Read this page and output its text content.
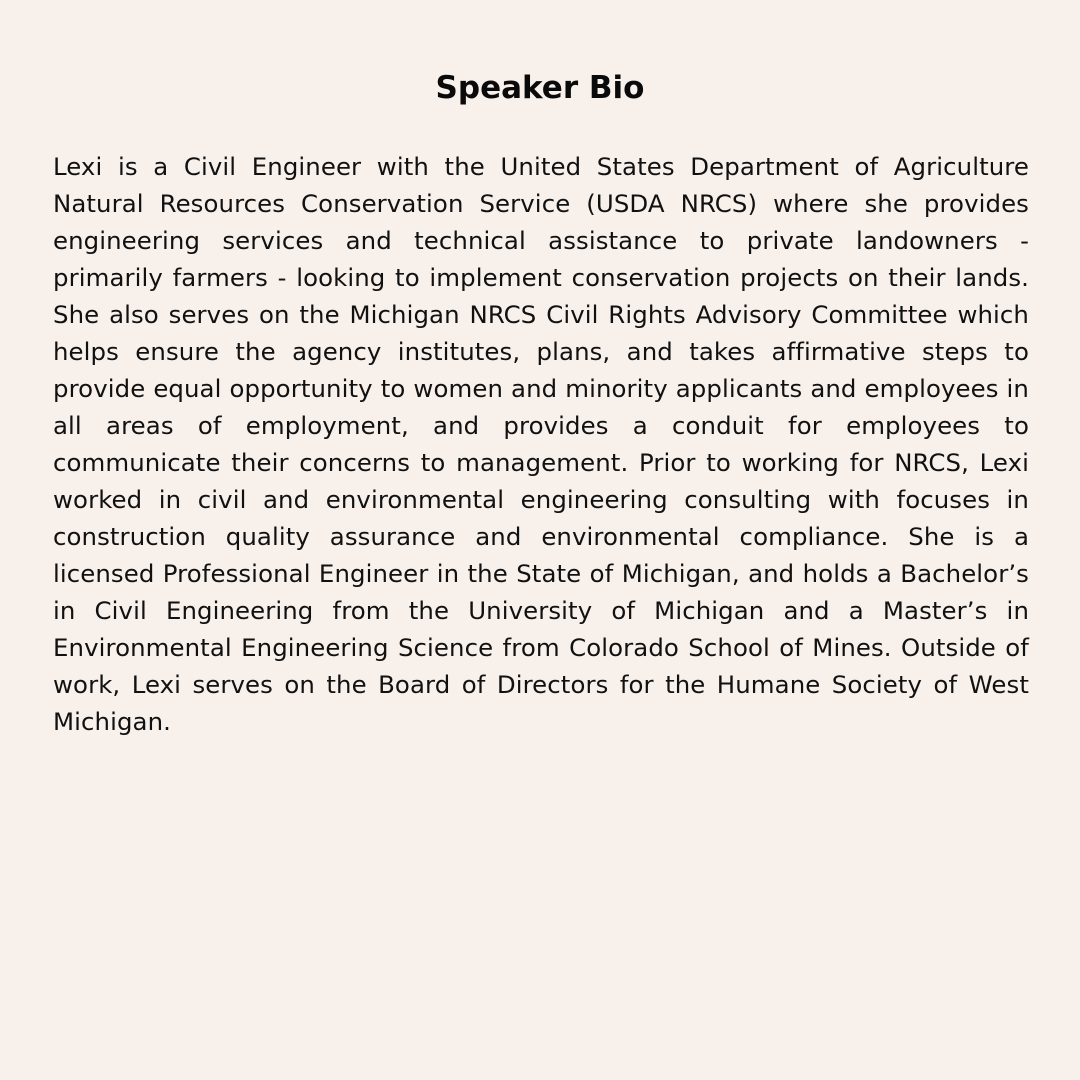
Speaker Bio

Lexi is a Civil Engineer with the United States Department of Agriculture Natural Resources Conservation Service (USDA NRCS) where she provides engineering services and technical assistance to private landowners - primarily farmers - looking to implement conservation projects on their lands. She also serves on the Michigan NRCS Civil Rights Advisory Committee which helps ensure the agency institutes, plans, and takes affirmative steps to provide equal opportunity to women and minority applicants and employees in all areas of employment, and provides a conduit for employees to communicate their concerns to management. Prior to working for NRCS, Lexi worked in civil and environmental engineering consulting with focuses in construction quality assurance and environmental compliance. She is a licensed Professional Engineer in the State of Michigan, and holds a Bachelor’s in Civil Engineering from the University of Michigan and a Master’s in Environmental Engineering Science from Colorado School of Mines. Outside of work, Lexi serves on the Board of Directors for the Humane Society of West Michigan.
